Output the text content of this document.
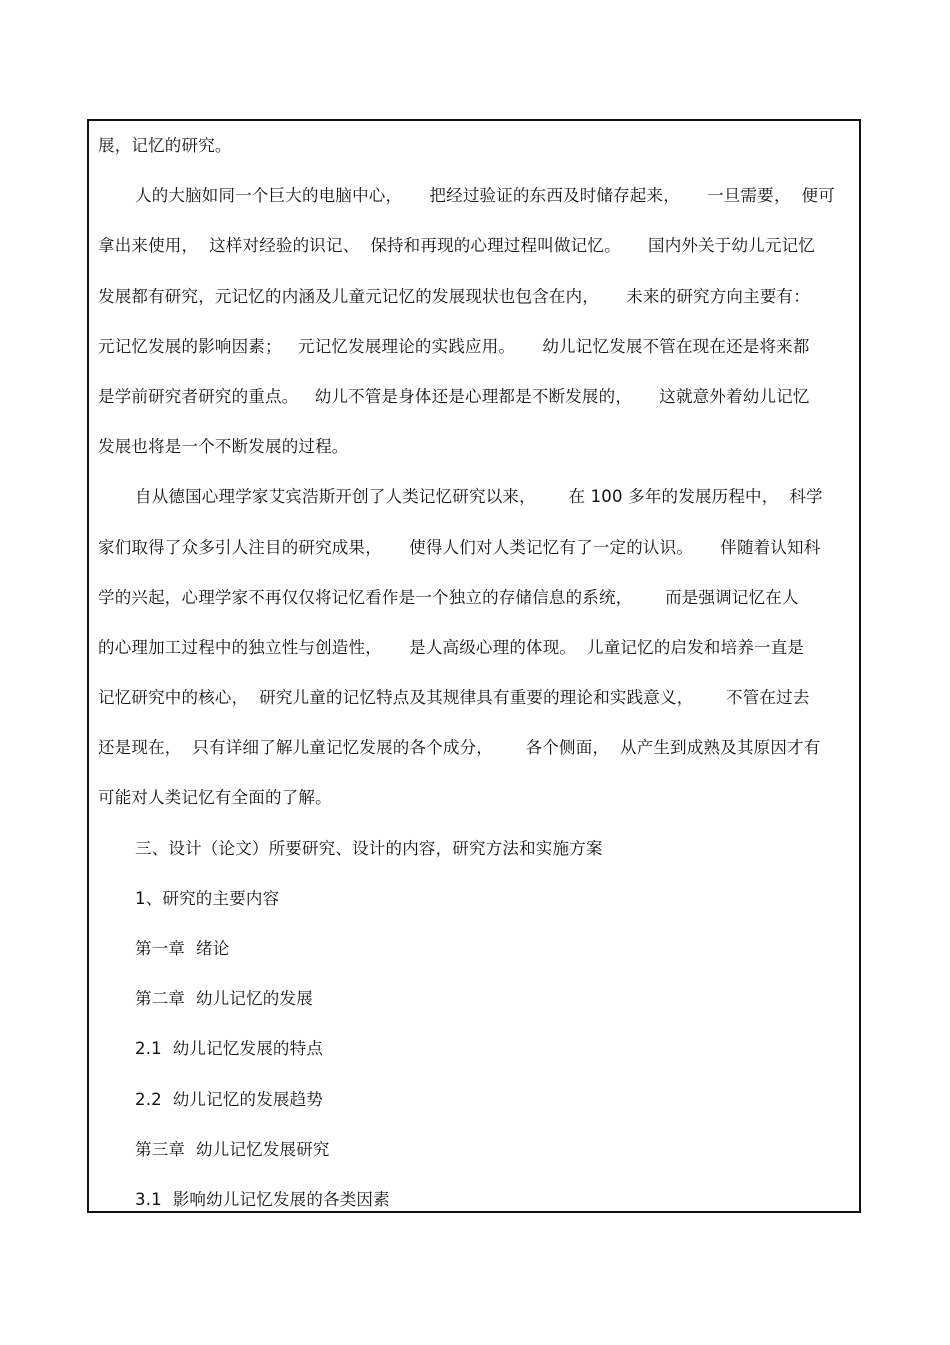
展，记忆的研究。
人的大脑如同一个巨大的电脑中心，     把经过验证的东西及时储存起来，     一旦需要，  便可
拿出来使用，  这样对经验的识记、  保持和再现的心理过程叫做记忆。     国内外关于幼儿元记忆
发展都有研究，元记忆的内涵及儿童元记忆的发展现状也包含在内，     未来的研究方向主要有：
元记忆发展的影响因素；   元记忆发展理论的实践应用。     幼儿记忆发展不管在现在还是将来都
是学前研究者研究的重点。   幼儿不管是身体还是心理都是不断发展的，     这就意外着幼儿记忆
发展也将是一个不断发展的过程。
自从德国心理学家艾宾浩斯开创了人类记忆研究以来，      在 100 多年的发展历程中，  科学
家们取得了众多引人注目的研究成果，     使得人们对人类记忆有了一定的认识。     伴随着认知科
学的兴起，心理学家不再仅仅将记忆看作是一个独立的存储信息的系统，      而是强调记忆在人
的心理加工过程中的独立性与创造性，     是人高级心理的体现。  儿童记忆的启发和培养一直是
记忆研究中的核心，  研究儿童的记忆特点及其规律具有重要的理论和实践意义，      不管在过去
还是现在，  只有详细了解儿童记忆发展的各个成分，      各个侧面，  从产生到成熟及其原因才有
可能对人类记忆有全面的了解。
三、设计（论文）所要研究、设计的内容，研究方法和实施方案
1、研究的主要内容
第一章  绪论
第二章  幼儿记忆的发展
2.1  幼儿记忆发展的特点
2.2  幼儿记忆的发展趋势
第三章  幼儿记忆发展研究
3.1  影响幼儿记忆发展的各类因素
